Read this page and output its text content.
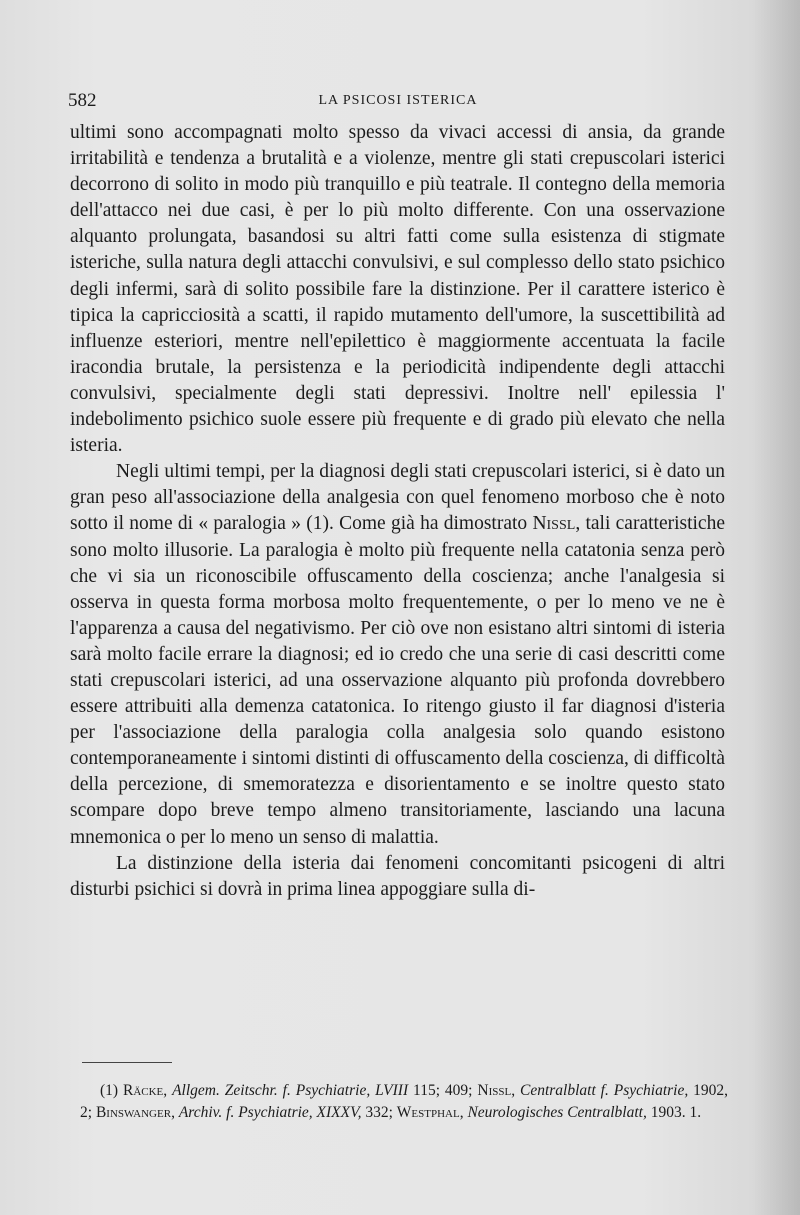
582	LA PSICOSI ISTERICA

ultimi sono accompagnati molto spesso da vivaci accessi di ansia, da grande irritabilità e tendenza a brutalità e a violenze, mentre gli stati crepuscolari isterici decorrono di solito in modo più tranquillo e più teatrale. Il contegno della memoria dell'attacco nei due casi, è per lo più molto differente. Con una osservazione alquanto prolungata, basandosi su altri fatti come sulla esistenza di stigmate isteriche, sulla natura degli attacchi convulsivi, e sul complesso dello stato psichico degli infermi, sarà di solito possibile fare la distinzione. Per il carattere isterico è tipica la capricciosità a scatti, il rapido mutamento dell'umore, la suscettibilità ad influenze esteriori, mentre nell'epilettico è maggiormente accentuata la facile iracondia brutale, la persistenza e la periodicità indipendente degli attacchi convulsivi, specialmente degli stati depressivi. Inoltre nell' epilessia l' indebolimento psichico suole essere più frequente e di grado più elevato che nella isteria.

Negli ultimi tempi, per la diagnosi degli stati crepuscolari isterici, si è dato un gran peso all'associazione della analgesia con quel fenomeno morboso che è noto sotto il nome di « paralogia » (1). Come già ha dimostrato Nissl, tali caratteristiche sono molto illusorie. La paralogia è molto più frequente nella catatonia senza però che vi sia un riconoscibile offuscamento della coscienza; anche l'analgesia si osserva in questa forma morbosa molto frequentemente, o per lo meno ve ne è l'apparenza a causa del negativismo. Per ciò ove non esistano altri sintomi di isteria sarà molto facile errare la diagnosi; ed io credo che una serie di casi descritti come stati crepuscolari isterici, ad una osservazione alquanto più profonda dovrebbero essere attribuiti alla demenza catatonica. Io ritengo giusto il far diagnosi d'isteria per l'associazione della paralogia colla analgesia solo quando esistono contemporaneamente i sintomi distinti di offuscamento della coscienza, di difficoltà della percezione, di smemoratezza e disorientamento e se inoltre questo stato scompare dopo breve tempo almeno transitoriamente, lasciando una lacuna mnemonica o per lo meno un senso di malattia.

La distinzione della isteria dai fenomeni concomitanti psicogeni di altri disturbi psichici si dovrà in prima linea appoggiare sulla di-

(1) Räcke, Allgem. Zeitschr. f. Psychiatrie, LVIII 115; 409; Nissl, Centralblatt f. Psychiatrie, 1902, 2; Binswanger, Archiv. f. Psychiatrie, XIXXV, 332; Westphal, Neurologisches Centralblatt, 1903. 1.
